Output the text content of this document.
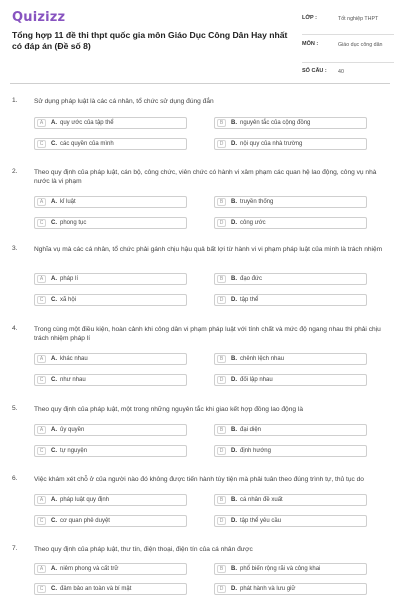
Quizizz
Tổng hợp 11 đề thi thpt quốc gia môn Giáo Dục Công Dân Hay nhất có đáp án (Đề số 8)
LỚP :	Tốt nghiệp THPT
MÔN :	Giáo dục công dân
SỐ CÂU : 40
1.	Sử dụng pháp luật là các cá nhân, tổ chức sử dụng đúng đắn
A	A. quy ước của tập thể	B	B. nguyên tắc của cộng đồng
C	C. các quyền của mình	D	D. nội quy của nhà trường
2.	Theo quy định của pháp luật, cán bộ, công chức, viên chức có hành vi xâm phạm các quan hệ lao động, công vụ nhà nước là vi phạm
A	A. kỉ luật	B	B. truyền thống
C	C. phong tục	D	D. công ước
3.	Nghĩa vụ mà các cá nhân, tổ chức phải gánh chịu hậu quả bất lợi từ hành vi vi phạm pháp luật của mình là trách nhiệm
A	A. pháp lí	B	B. đạo đức
C	C. xã hội	D	D. tập thể
4.	Trong cùng một điều kiện, hoàn cảnh khi công dân vi phạm pháp luật với tính chất và mức độ ngang nhau thì phải chịu trách nhiệm pháp lí
A	A. khác nhau	B	B. chênh lệch nhau
C	C. như nhau	D	D. đối lập nhau
5.	Theo quy định của pháp luật, một trong những nguyên tắc khi giao kết hợp đồng lao động là
A	A. ủy quyền	B	B. đại diện
C	C. tự nguyện	D	D. định hướng
6.	Việc khám xét chỗ ở của người nào đó không được tiến hành tùy tiện mà phải tuân theo đúng trình tự, thủ tục do
A	A. pháp luật quy định	B	B. cá nhân đề xuất
C	C. cơ quan phê duyệt	D	D. tập thể yêu cầu
7.	Theo quy định của pháp luật, thư tín, điện thoại, điện tín của cá nhân được
A	A. niêm phong và cất trữ	B	B. phổ biến rộng rãi và công khai
C	C. đảm bảo an toàn và bí mật	D	D. phát hành và lưu giữ
